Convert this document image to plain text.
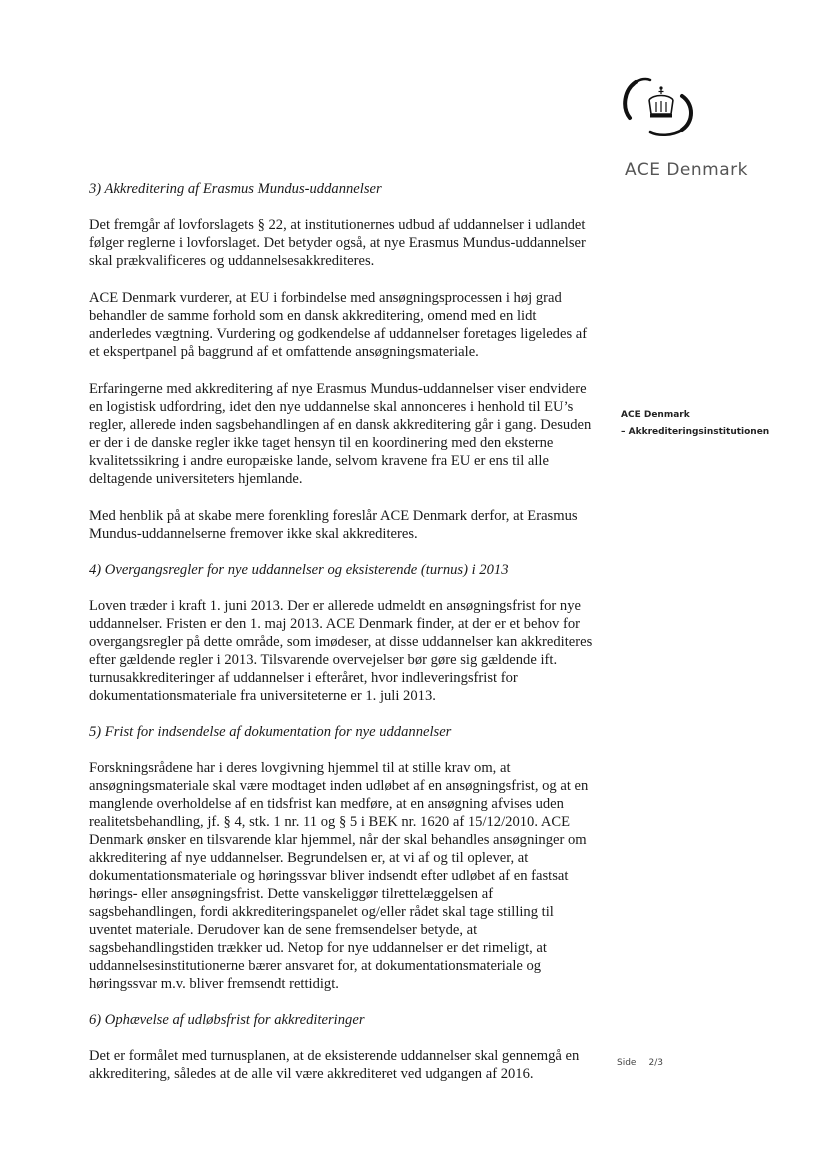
ACE Denmark
ACE Denmark
– Akkrediteringsinstitutionen
3) Akkreditering af Erasmus Mundus-uddannelser
Det fremgår af lovforslagets § 22, at institutionernes udbud af uddannelser i udlandet følger reglerne i lovforslaget. Det betyder også, at nye Erasmus Mundus-uddannelser skal prækvalificeres og uddannelsesakkrediteres.
ACE Denmark vurderer, at EU i forbindelse med ansøgningsprocessen i høj grad behandler de samme forhold som en dansk akkreditering, omend med en lidt anderledes vægtning. Vurdering og godkendelse af uddannelser foretages ligeledes af et ekspertpanel på baggrund af et omfattende ansøgningsmateriale.
Erfaringerne med akkreditering af nye Erasmus Mundus-uddannelser viser endvidere en logistisk udfordring, idet den nye uddannelse skal annonceres i henhold til EU’s regler, allerede inden sagsbehandlingen af en dansk akkreditering går i gang. Desuden er der i de danske regler ikke taget hensyn til en koordinering med den eksterne kvalitetssikring i andre europæiske lande, selvom kravene fra EU er ens til alle deltagende universiteters hjemlande.
Med henblik på at skabe mere forenkling foreslår ACE Denmark derfor, at Erasmus Mundus-uddannelserne fremover ikke skal akkrediteres.
4) Overgangsregler for nye uddannelser og eksisterende (turnus) i 2013
Loven træder i kraft 1. juni 2013. Der er allerede udmeldt en ansøgningsfrist for nye uddannelser. Fristen er den 1. maj 2013. ACE Denmark finder, at der er et behov for overgangsregler på dette område, som imødeser, at disse uddannelser kan akkrediteres efter gældende regler i 2013. Tilsvarende overvejelser bør gøre sig gældende ift. turnusakkrediteringer af uddannelser i efteråret, hvor indleveringsfrist for dokumentationsmateriale fra universiteterne er 1. juli 2013.
5) Frist for indsendelse af dokumentation for nye uddannelser
Forskningsrådene har i deres lovgivning hjemmel til at stille krav om, at ansøgningsmateriale skal være modtaget inden udløbet af en ansøgningsfrist, og at en manglende overholdelse af en tidsfrist kan medføre, at en ansøgning afvises uden realitetsbehandling, jf. § 4, stk. 1 nr. 11 og § 5 i BEK nr. 1620 af 15/12/2010. ACE Denmark ønsker en tilsvarende klar hjemmel, når der skal behandles ansøgninger om akkreditering af nye uddannelser. Begrundelsen er, at vi af og til oplever, at dokumentationsmateriale og høringssvar bliver indsendt efter udløbet af en fastsat hørings- eller ansøgningsfrist. Dette vanskeliggør tilrettelæggelsen af sagsbehandlingen, fordi akkrediteringspanelet og/eller rådet skal tage stilling til uventet materiale. Derudover kan de sene fremsendelser betyde, at sagsbehandlingstiden trækker ud. Netop for nye uddannelser er det rimeligt, at uddannelsesinstitutionerne bærer ansvaret for, at dokumentationsmateriale og høringssvar m.v. bliver fremsendt rettidigt.
6) Ophævelse af udløbsfrist for akkrediteringer
Det er formålet med turnusplanen, at de eksisterende uddannelser skal gennemgå en akkreditering, således at de alle vil være akkrediteret ved udgangen af 2016.
Side 2/3
